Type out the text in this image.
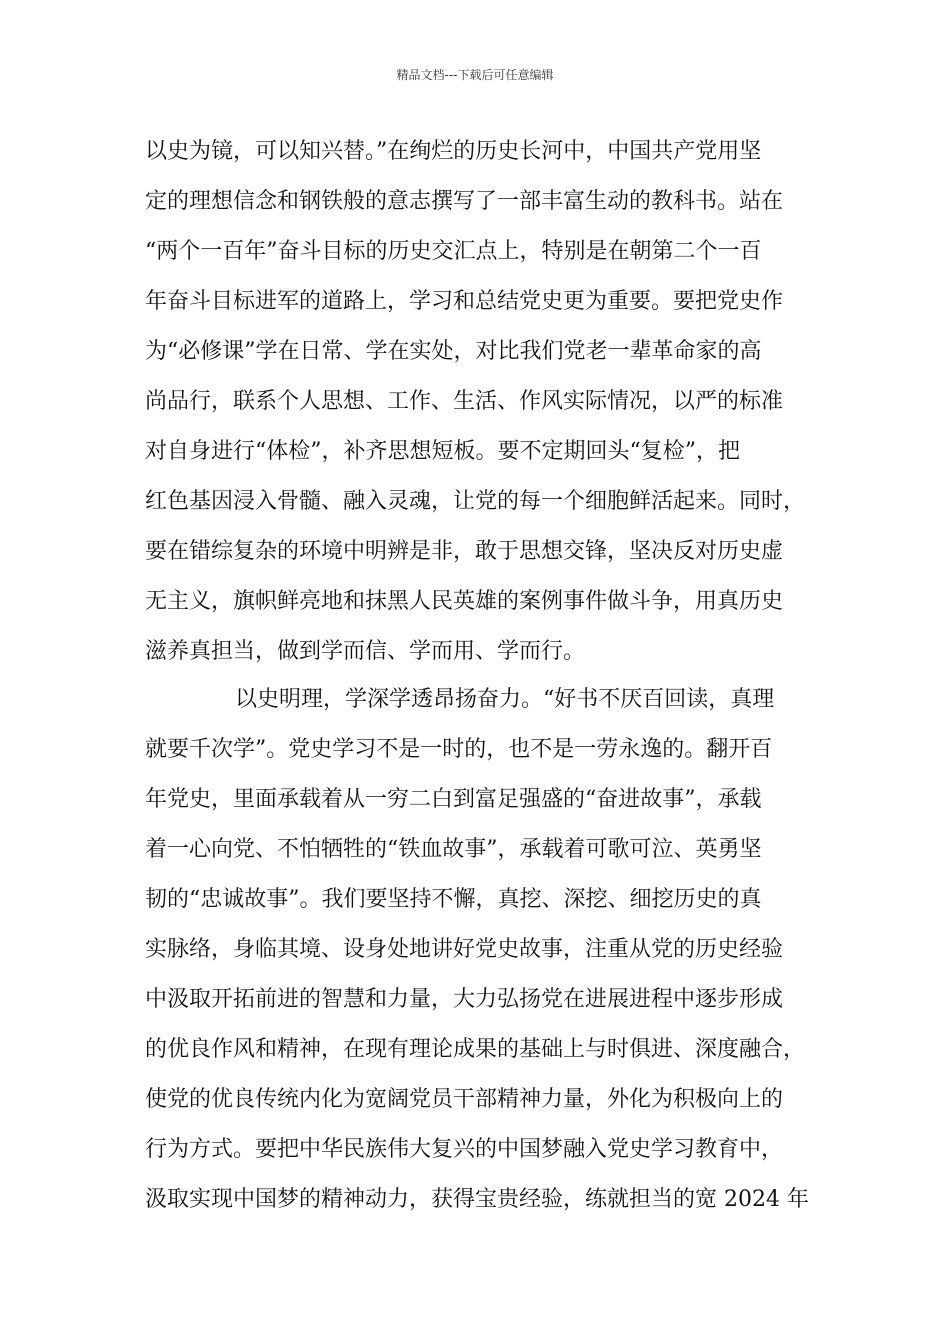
精品文档---下载后可任意编辑
以史为镜，可以知兴替。”在绚烂的历史长河中，中国共产党用坚
定的理想信念和钢铁般的意志撰写了一部丰富生动的教科书。站在
“两个一百年”奋斗目标的历史交汇点上，特别是在朝第二个一百
年奋斗目标进军的道路上，学习和总结党史更为重要。要把党史作
为“必修课”学在日常、学在实处，对比我们党老一辈革命家的高
尚品行，联系个人思想、工作、生活、作风实际情况，以严的标准
对自身进行“体检”，补齐思想短板。要不定期回头“复检”，把
红色基因浸入骨髓、融入灵魂，让党的每一个细胞鲜活起来。同时，
要在错综复杂的环境中明辨是非，敢于思想交锋，坚决反对历史虚
无主义，旗帜鲜亮地和抹黑人民英雄的案例事件做斗争，用真历史
滋养真担当，做到学而信、学而用、学而行。
以史明理，学深学透昂扬奋力。“好书不厌百回读，真理
就要千次学”。党史学习不是一时的，也不是一劳永逸的。翻开百
年党史，里面承载着从一穷二白到富足强盛的“奋进故事”，承载
着一心向党、不怕牺牲的“铁血故事”，承载着可歌可泣、英勇坚
韧的“忠诚故事”。我们要坚持不懈，真挖、深挖、细挖历史的真
实脉络，身临其境、设身处地讲好党史故事，注重从党的历史经验
中汲取开拓前进的智慧和力量，大力弘扬党在进展进程中逐步形成
的优良作风和精神，在现有理论成果的基础上与时俱进、深度融合，
使党的优良传统内化为宽阔党员干部精神力量，外化为积极向上的
行为方式。要把中华民族伟大复兴的中国梦融入党史学习教育中，
汲取实现中国梦的精神动力，获得宝贵经验，练就担当的宽 2024 年
